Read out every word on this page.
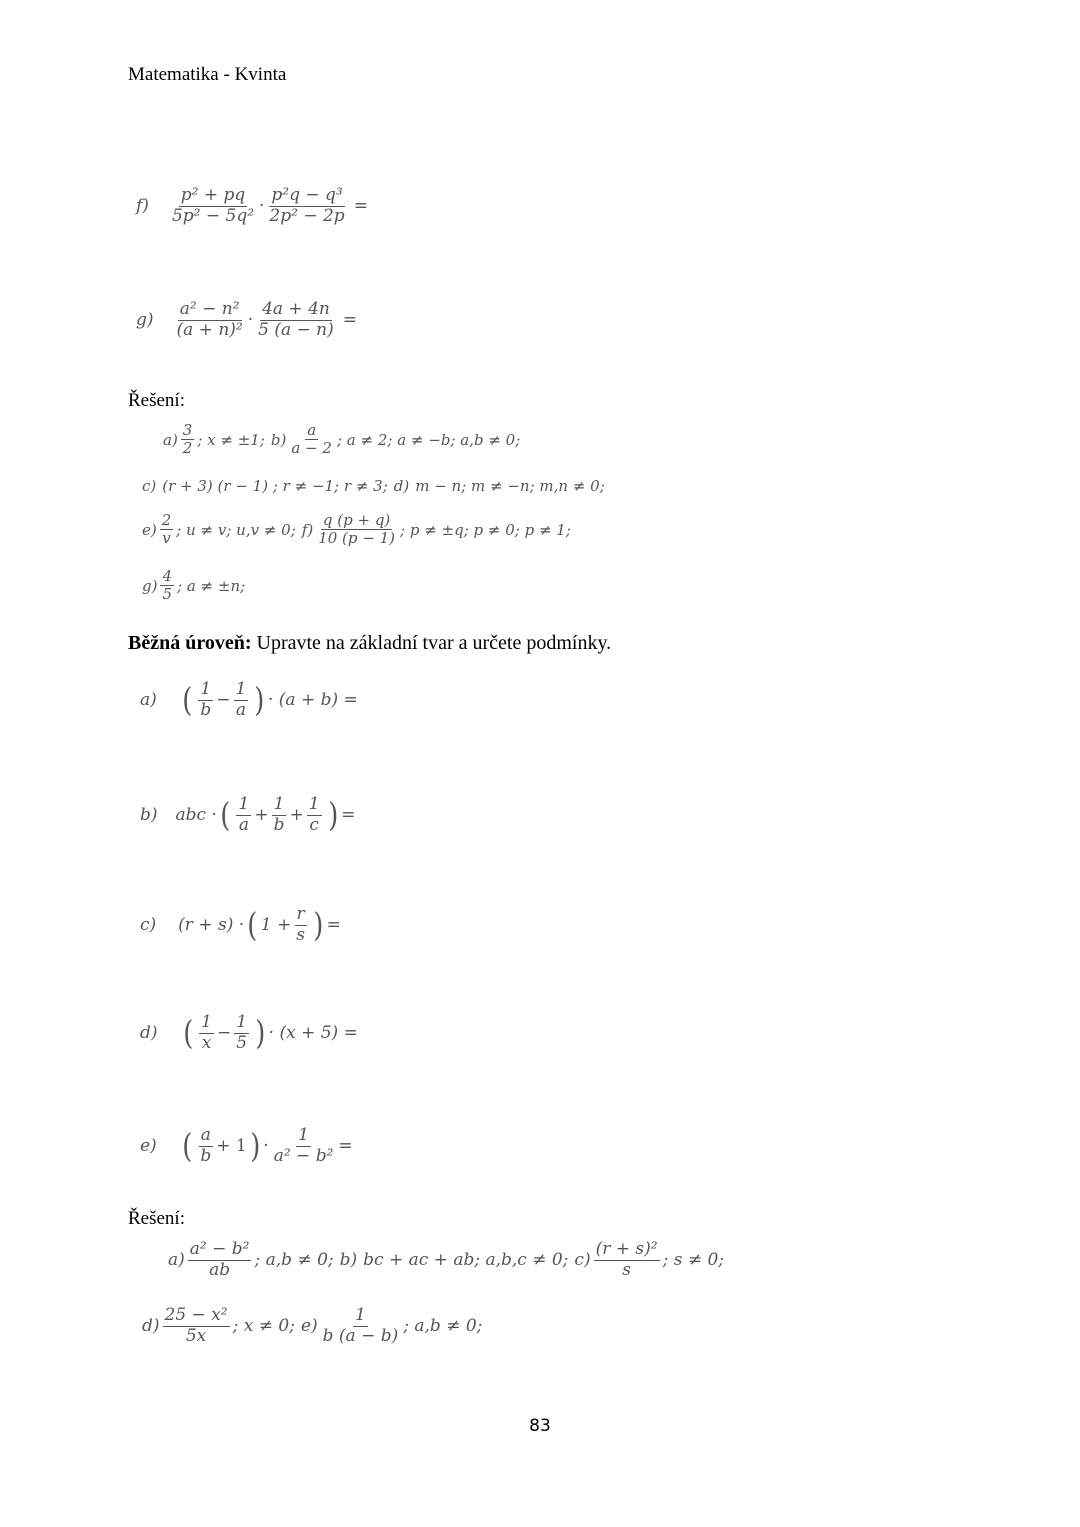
Matematika - Kvinta
$f) \frac{\text{p² + pq}}{\text{5p² − 5q²}} \cdot \frac{\text{p²q − q³}}{\text{2p² − 2p}}$ =
$g) \frac{\text{a² − n²}}{\text{(a + n)²}} \cdot \frac{4a + 4n}{5 (a - n)}$ =
Řešení:
$a) \frac{3}{2}$ ; x ≠ ±1; $b) \frac{a}{a - 2}$ ; a ≠ 2; a ≠ −b; a,b ≠ 0;
c) (r + 3) (r − 1) ; r ≠ −1; r ≠ 3; d) m − n; m ≠ −n; m,n ≠ 0;
$e) \frac{2}{v}$ ; u ≠ v; u,v ≠ 0; $f) \frac{q (p + q)}{10 (p - 1)}$ ; p ≠ ±q; p ≠ 0; p ≠ 1;
$g) \frac{4}{5}$ ; a ≠ ±n;
Běžná úroveň: Upravte na základní tvar a určete podmínky.
a) ( $\frac{1}{b} - \frac{1}{a}$ ) · (a + b) =
b) abc · ( $\frac{1}{a} + \frac{1}{b} + \frac{1}{c}$ ) =
c) (r + s) · ( $1 + \frac{r}{s}$ ) =
d) ( $\frac{1}{x} - \frac{1}{5}$ ) · (x + 5) =
e) ( $\frac{a}{b} + 1$ ) · $\frac{1}{\text{a² − b²}}$ =
Řešení:
$a) \frac{\text{a² − b²}}{ab}$ ; a,b ≠ 0; b) bc + ac + ab; a,b,c ≠ 0; $c) \frac{\text{(r + s)²}}{s}$ ; s ≠ 0;
$d) \frac{\text{25 − x²}}{5x}$ ; x ≠ 0; $e) \frac{1}{b (a - b)}$ ; a,b ≠ 0;
83
